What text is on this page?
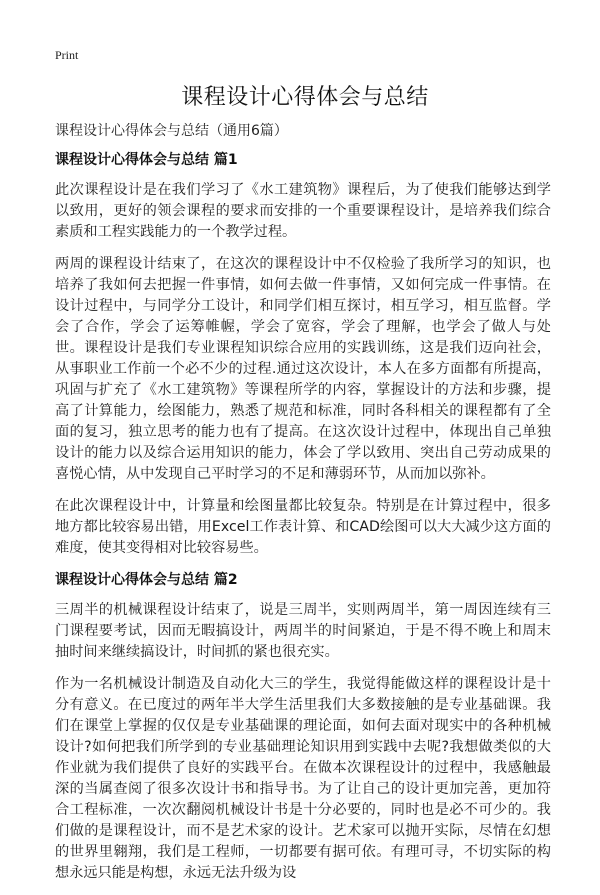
Print
课程设计心得体会与总结

课程设计心得体会与总结（通用6篇）

课程设计心得体会与总结 篇1

此次课程设计是在我们学习了《水工建筑物》课程后，为了使我们能够达到学以致用，更好的领会课程的要求而安排的一个重要课程设计，是培养我们综合素质和工程实践能力的一个教学过程。

两周的课程设计结束了，在这次的课程设计中不仅检验了我所学习的知识，也培养了我如何去把握一件事情，如何去做一件事情，又如何完成一件事情。在设计过程中，与同学分工设计，和同学们相互探讨，相互学习，相互监督。学会了合作，学会了运筹帷幄，学会了宽容，学会了理解，也学会了做人与处世。课程设计是我们专业课程知识综合应用的实践训练，这是我们迈向社会，从事职业工作前一个必不少的过程.通过这次设计，本人在多方面都有所提高，巩固与扩充了《水工建筑物》等课程所学的内容，掌握设计的方法和步骤，提高了计算能力，绘图能力，熟悉了规范和标准，同时各科相关的课程都有了全面的复习，独立思考的能力也有了提高。在这次设计过程中，体现出自己单独设计的能力以及综合运用知识的能力，体会了学以致用、突出自己劳动成果的喜悦心情，从中发现自己平时学习的不足和薄弱环节，从而加以弥补。

在此次课程设计中，计算量和绘图量都比较复杂。特别是在计算过程中，很多地方都比较容易出错，用Excel工作表计算、和CAD绘图可以大大减少这方面的难度，使其变得相对比较容易些。

课程设计心得体会与总结 篇2

三周半的机械课程设计结束了，说是三周半，实则两周半，第一周因连续有三门课程要考试，因而无暇搞设计，两周半的时间紧迫，于是不得不晚上和周末抽时间来继续搞设计，时间抓的紧也很充实。

作为一名机械设计制造及自动化大三的学生，我觉得能做这样的课程设计是十分有意义。在已度过的两年半大学生活里我们大多数接触的是专业基础课。我们在课堂上掌握的仅仅是专业基础课的理论面，如何去面对现实中的各种机械设计?如何把我们所学到的专业基础理论知识用到实践中去呢?我想做类似的大作业就为我们提供了良好的实践平台。在做本次课程设计的过程中，我感触最深的当属查阅了很多次设计书和指导书。为了让自己的设计更加完善，更加符合工程标准，一次次翻阅机械设计书是十分必要的，同时也是必不可少的。我们做的是课程设计，而不是艺术家的设计。艺术家可以抛开实际，尽情在幻想的世界里翱翔，我们是工程师，一切都要有据可依。有理可寻，不切实际的构想永远只能是构想，永远无法升级为设
